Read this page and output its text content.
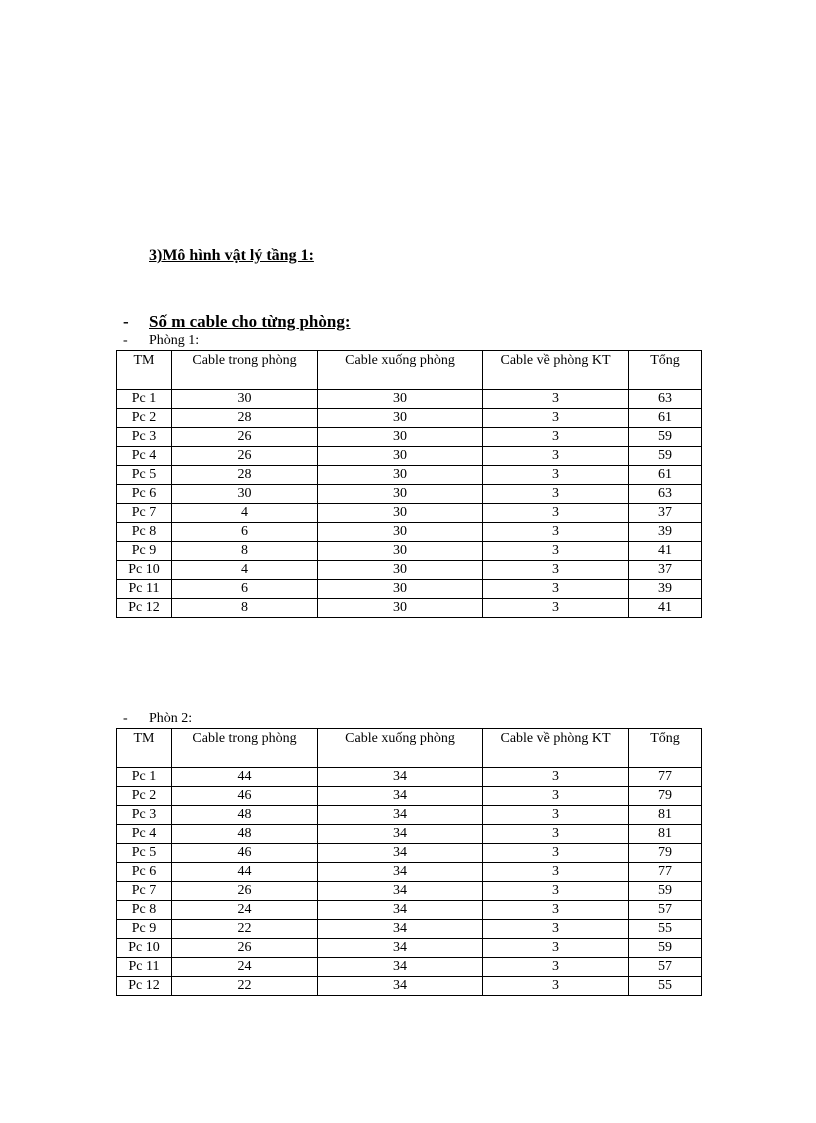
3)Mô hình vật lý tầng 1:
-	Số m cable cho từng phòng:
-	Phòng 1:
TM	Cable trong phòng	Cable xuống phòng	Cable về phòng KT	Tổng
Pc 1	30	30	3	63
Pc 2	28	30	3	61
Pc 3	26	30	3	59
Pc 4	26	30	3	59
Pc 5	28	30	3	61
Pc 6	30	30	3	63
Pc 7	4	30	3	37
Pc 8	6	30	3	39
Pc 9	8	30	3	41
Pc 10	4	30	3	37
Pc 11	6	30	3	39
Pc 12	8	30	3	41
-	Phòn 2:
TM	Cable trong phòng	Cable xuống phòng	Cable về phòng KT	Tổng
Pc 1	44	34	3	77
Pc 2	46	34	3	79
Pc 3	48	34	3	81
Pc 4	48	34	3	81
Pc 5	46	34	3	79
Pc 6	44	34	3	77
Pc 7	26	34	3	59
Pc 8	24	34	3	57
Pc 9	22	34	3	55
Pc 10	26	34	3	59
Pc 11	24	34	3	57
Pc 12	22	34	3	55
